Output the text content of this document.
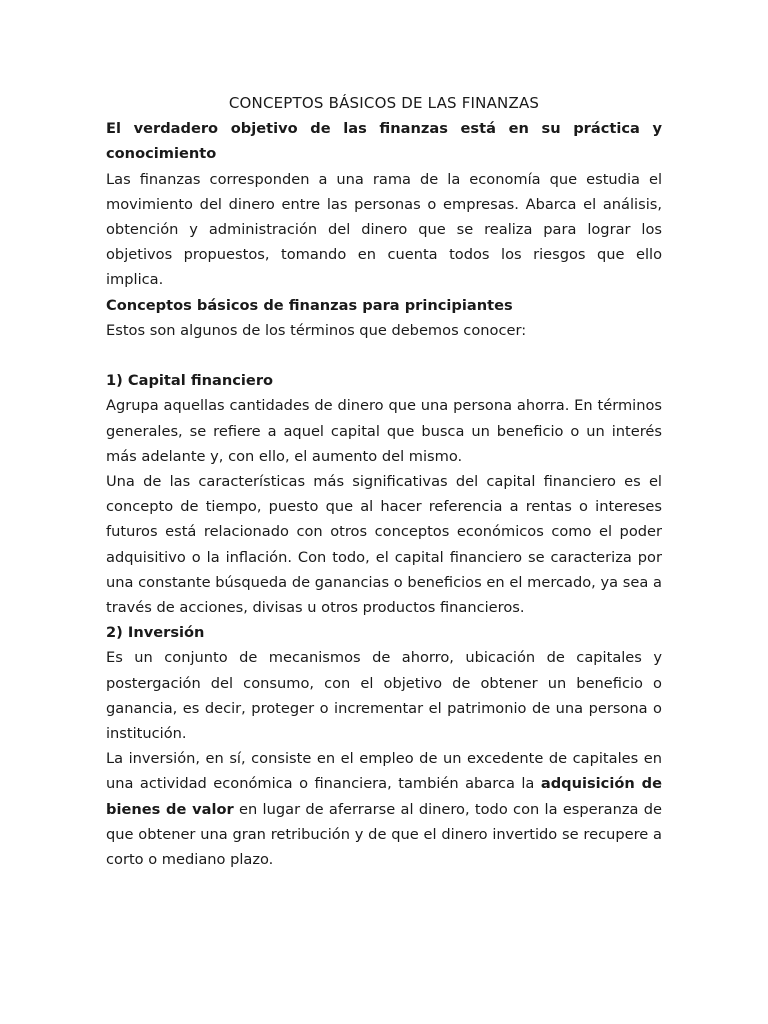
CONCEPTOS BÁSICOS DE LAS FINANZAS
El verdadero objetivo de las finanzas está en su práctica y conocimiento
Las finanzas corresponden a una rama de la economía que estudia el movimiento del dinero entre las personas o empresas. Abarca el análisis, obtención y administración del dinero que se realiza para lograr los objetivos propuestos, tomando en cuenta todos los riesgos que ello implica.
Conceptos básicos de finanzas para principiantes
Estos son algunos de los términos que debemos conocer:
1) Capital financiero
Agrupa aquellas cantidades de dinero que una persona ahorra. En términos generales, se refiere a aquel capital que busca un beneficio o un interés más adelante y, con ello, el aumento del mismo.
Una de las características más significativas del capital financiero es el concepto de tiempo, puesto que al hacer referencia a rentas o intereses futuros está relacionado con otros conceptos económicos como el poder adquisitivo o la inflación. Con todo, el capital financiero se caracteriza por una constante búsqueda de ganancias o beneficios en el mercado, ya sea a través de acciones, divisas u otros productos financieros.
2) Inversión
Es un conjunto de mecanismos de ahorro, ubicación de capitales y postergación del consumo, con el objetivo de obtener un beneficio o ganancia, es decir, proteger o incrementar el patrimonio de una persona o institución.
La inversión, en sí, consiste en el empleo de un excedente de capitales en una actividad económica o financiera, también abarca la adquisición de bienes de valor en lugar de aferrarse al dinero, todo con la esperanza de que obtener una gran retribución y de que el dinero invertido se recupere a corto o mediano plazo.
